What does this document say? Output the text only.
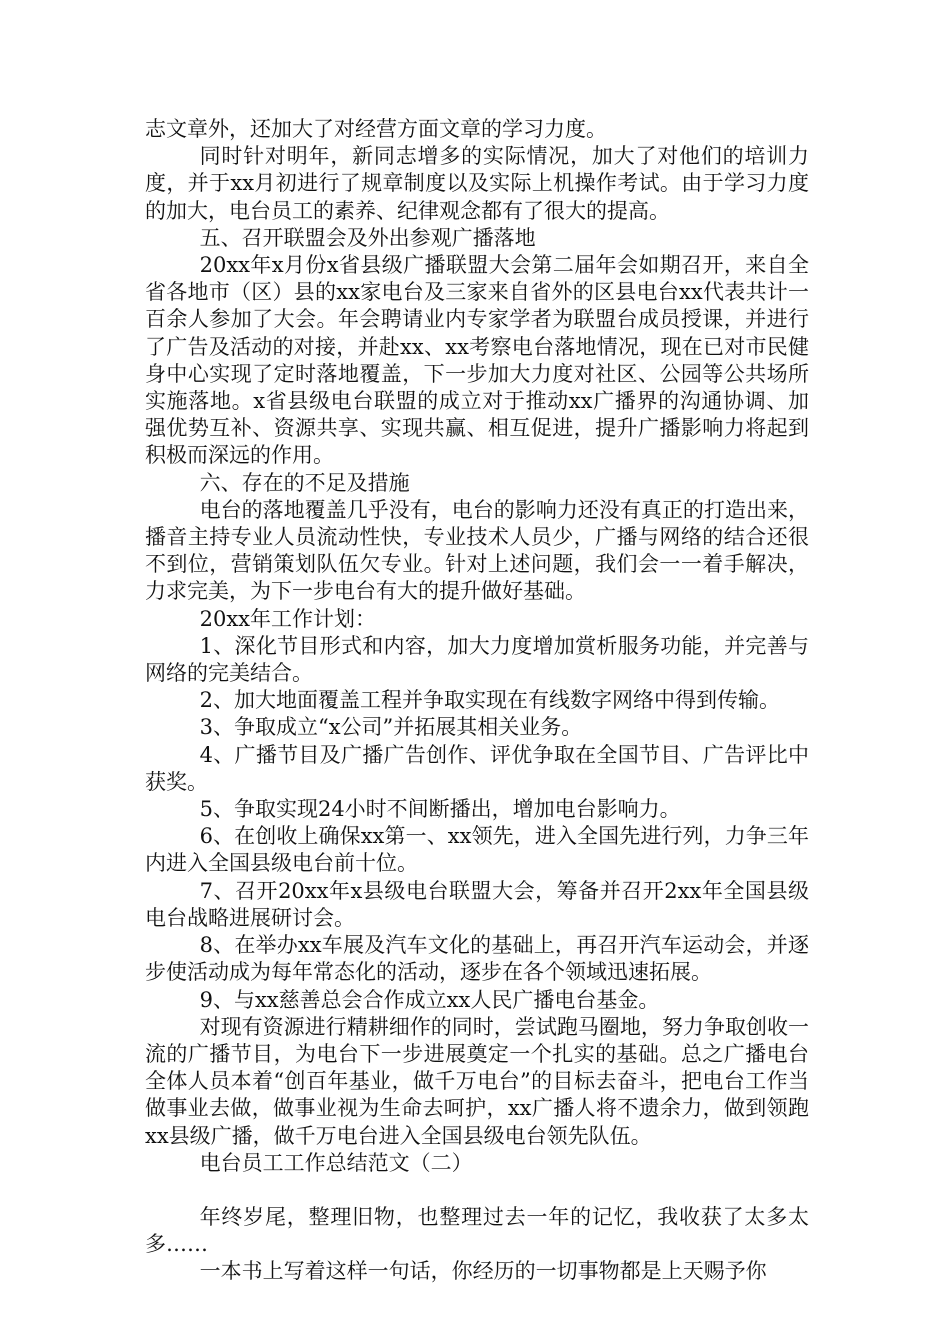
志文章外，还加大了对经营方面文章的学习力度。

同时针对明年，新同志增多的实际情况，加大了对他们的培训力度，并于xx月初进行了规章制度以及实际上机操作考试。由于学习力度的加大，电台员工的素养、纪律观念都有了很大的提高。

五、召开联盟会及外出参观广播落地

20xx年x月份x省县级广播联盟大会第二届年会如期召开，来自全省各地市（区）县的xx家电台及三家来自省外的区县电台xx代表共计一百余人参加了大会。年会聘请业内专家学者为联盟台成员授课，并进行了广告及活动的对接，并赴xx、xx考察电台落地情况，现在已对市民健身中心实现了定时落地覆盖，下一步加大力度对社区、公园等公共场所实施落地。x省县级电台联盟的成立对于推动xx广播界的沟通协调、加强优势互补、资源共享、实现共赢、相互促进，提升广播影响力将起到积极而深远的作用。

六、存在的不足及措施

电台的落地覆盖几乎没有，电台的影响力还没有真正的打造出来，播音主持专业人员流动性快，专业技术人员少，广播与网络的结合还很不到位，营销策划队伍欠专业。针对上述问题，我们会一一着手解决，力求完美，为下一步电台有大的提升做好基础。

20xx年工作计划：

1、深化节目形式和内容，加大力度增加赏析服务功能，并完善与网络的完美结合。

2、加大地面覆盖工程并争取实现在有线数字网络中得到传输。

3、争取成立“x公司”并拓展其相关业务。

4、广播节目及广播广告创作、评优争取在全国节目、广告评比中获奖。

5、争取实现24小时不间断播出，增加电台影响力。

6、在创收上确保xx第一、xx领先，进入全国先进行列，力争三年内进入全国县级电台前十位。

7、召开20xx年x县级电台联盟大会，筹备并召开2xx年全国县级电台战略进展研讨会。

8、在举办xx车展及汽车文化的基础上，再召开汽车运动会，并逐步使活动成为每年常态化的活动，逐步在各个领域迅速拓展。

9、与xx慈善总会合作成立xx人民广播电台基金。

对现有资源进行精耕细作的同时，尝试跑马圈地，努力争取创收一流的广播节目，为电台下一步进展奠定一个扎实的基础。总之广播电台全体人员本着“创百年基业，做千万电台”的目标去奋斗，把电台工作当做事业去做，做事业视为生命去呵护，xx广播人将不遗余力，做到领跑xx县级广播，做千万电台进入全国县级电台领先队伍。

电台员工工作总结范文（二）

年终岁尾，整理旧物，也整理过去一年的记忆，我收获了太多太多……

一本书上写着这样一句话，你经历的一切事物都是上天赐予你
